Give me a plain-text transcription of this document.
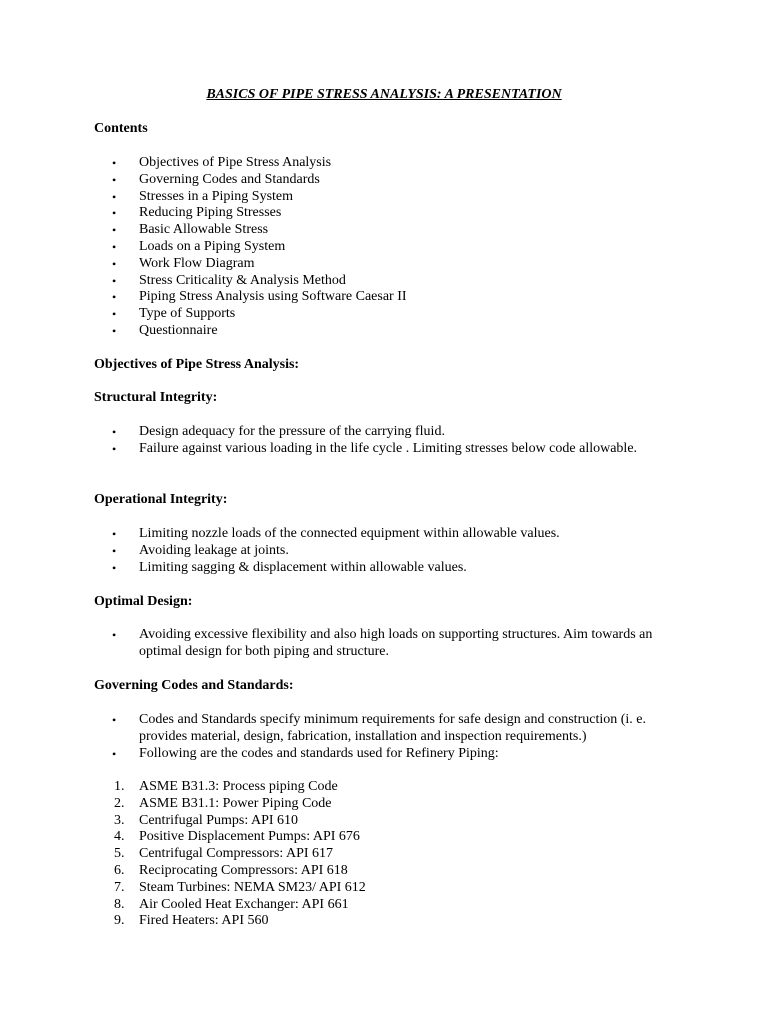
BASICS OF PIPE STRESS ANALYSIS: A PRESENTATION
Contents
• Objectives of Pipe Stress Analysis
• Governing Codes and Standards
• Stresses in a Piping System
• Reducing Piping Stresses
• Basic Allowable Stress
• Loads on a Piping System
• Work Flow Diagram
• Stress Criticality & Analysis Method
• Piping Stress Analysis using Software Caesar II
• Type of Supports
• Questionnaire
Objectives of Pipe Stress Analysis:
Structural Integrity:
• Design adequacy for the pressure of the carrying fluid.
• Failure against various loading in the life cycle . Limiting stresses below code allowable.
Operational Integrity:
• Limiting nozzle loads of the connected equipment within allowable values.
• Avoiding leakage at joints.
• Limiting sagging & displacement within allowable values.
Optimal Design:
• Avoiding excessive flexibility and also high loads on supporting structures. Aim towards an optimal design for both piping and structure.
Governing Codes and Standards:
• Codes and Standards specify minimum requirements for safe design and construction (i. e. provides material, design, fabrication, installation and inspection requirements.)
• Following are the codes and standards used for Refinery Piping:
1. ASME B31.3: Process piping Code
2. ASME B31.1: Power Piping Code
3. Centrifugal Pumps: API 610
4. Positive Displacement Pumps: API 676
5. Centrifugal Compressors: API 617
6. Reciprocating Compressors: API 618
7. Steam Turbines: NEMA SM23/ API 612
8. Air Cooled Heat Exchanger: API 661
9. Fired Heaters: API 560
